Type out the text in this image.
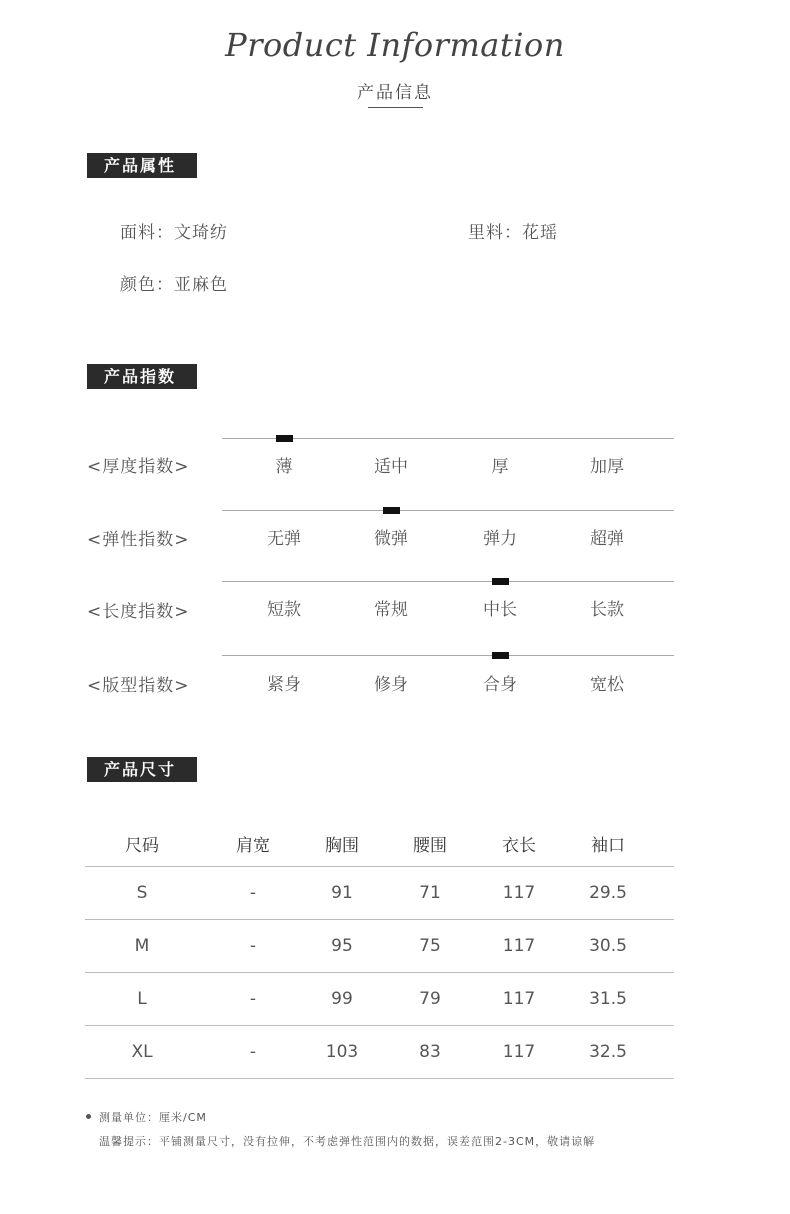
Product Information
产品信息
产品属性
面料：文琦纺	里料：花瑶
颜色：亚麻色
产品指数
<厚度指数>	薄	适中	厚	加厚
<弹性指数>	无弹	微弹	弹力	超弹
<长度指数>	短款	常规	中长	长款
<版型指数>	紧身	修身	合身	宽松
产品尺寸
尺码	肩宽	胸围	腰围	衣长	袖口
S	-	91	71	117	29.5
M	-	95	75	117	30.5
L	-	99	79	117	31.5
XL	-	103	83	117	32.5
测量单位：厘米/CM
温馨提示：平铺测量尺寸，没有拉伸，不考虑弹性范围内的数据，误差范围2-3CM，敬请谅解
